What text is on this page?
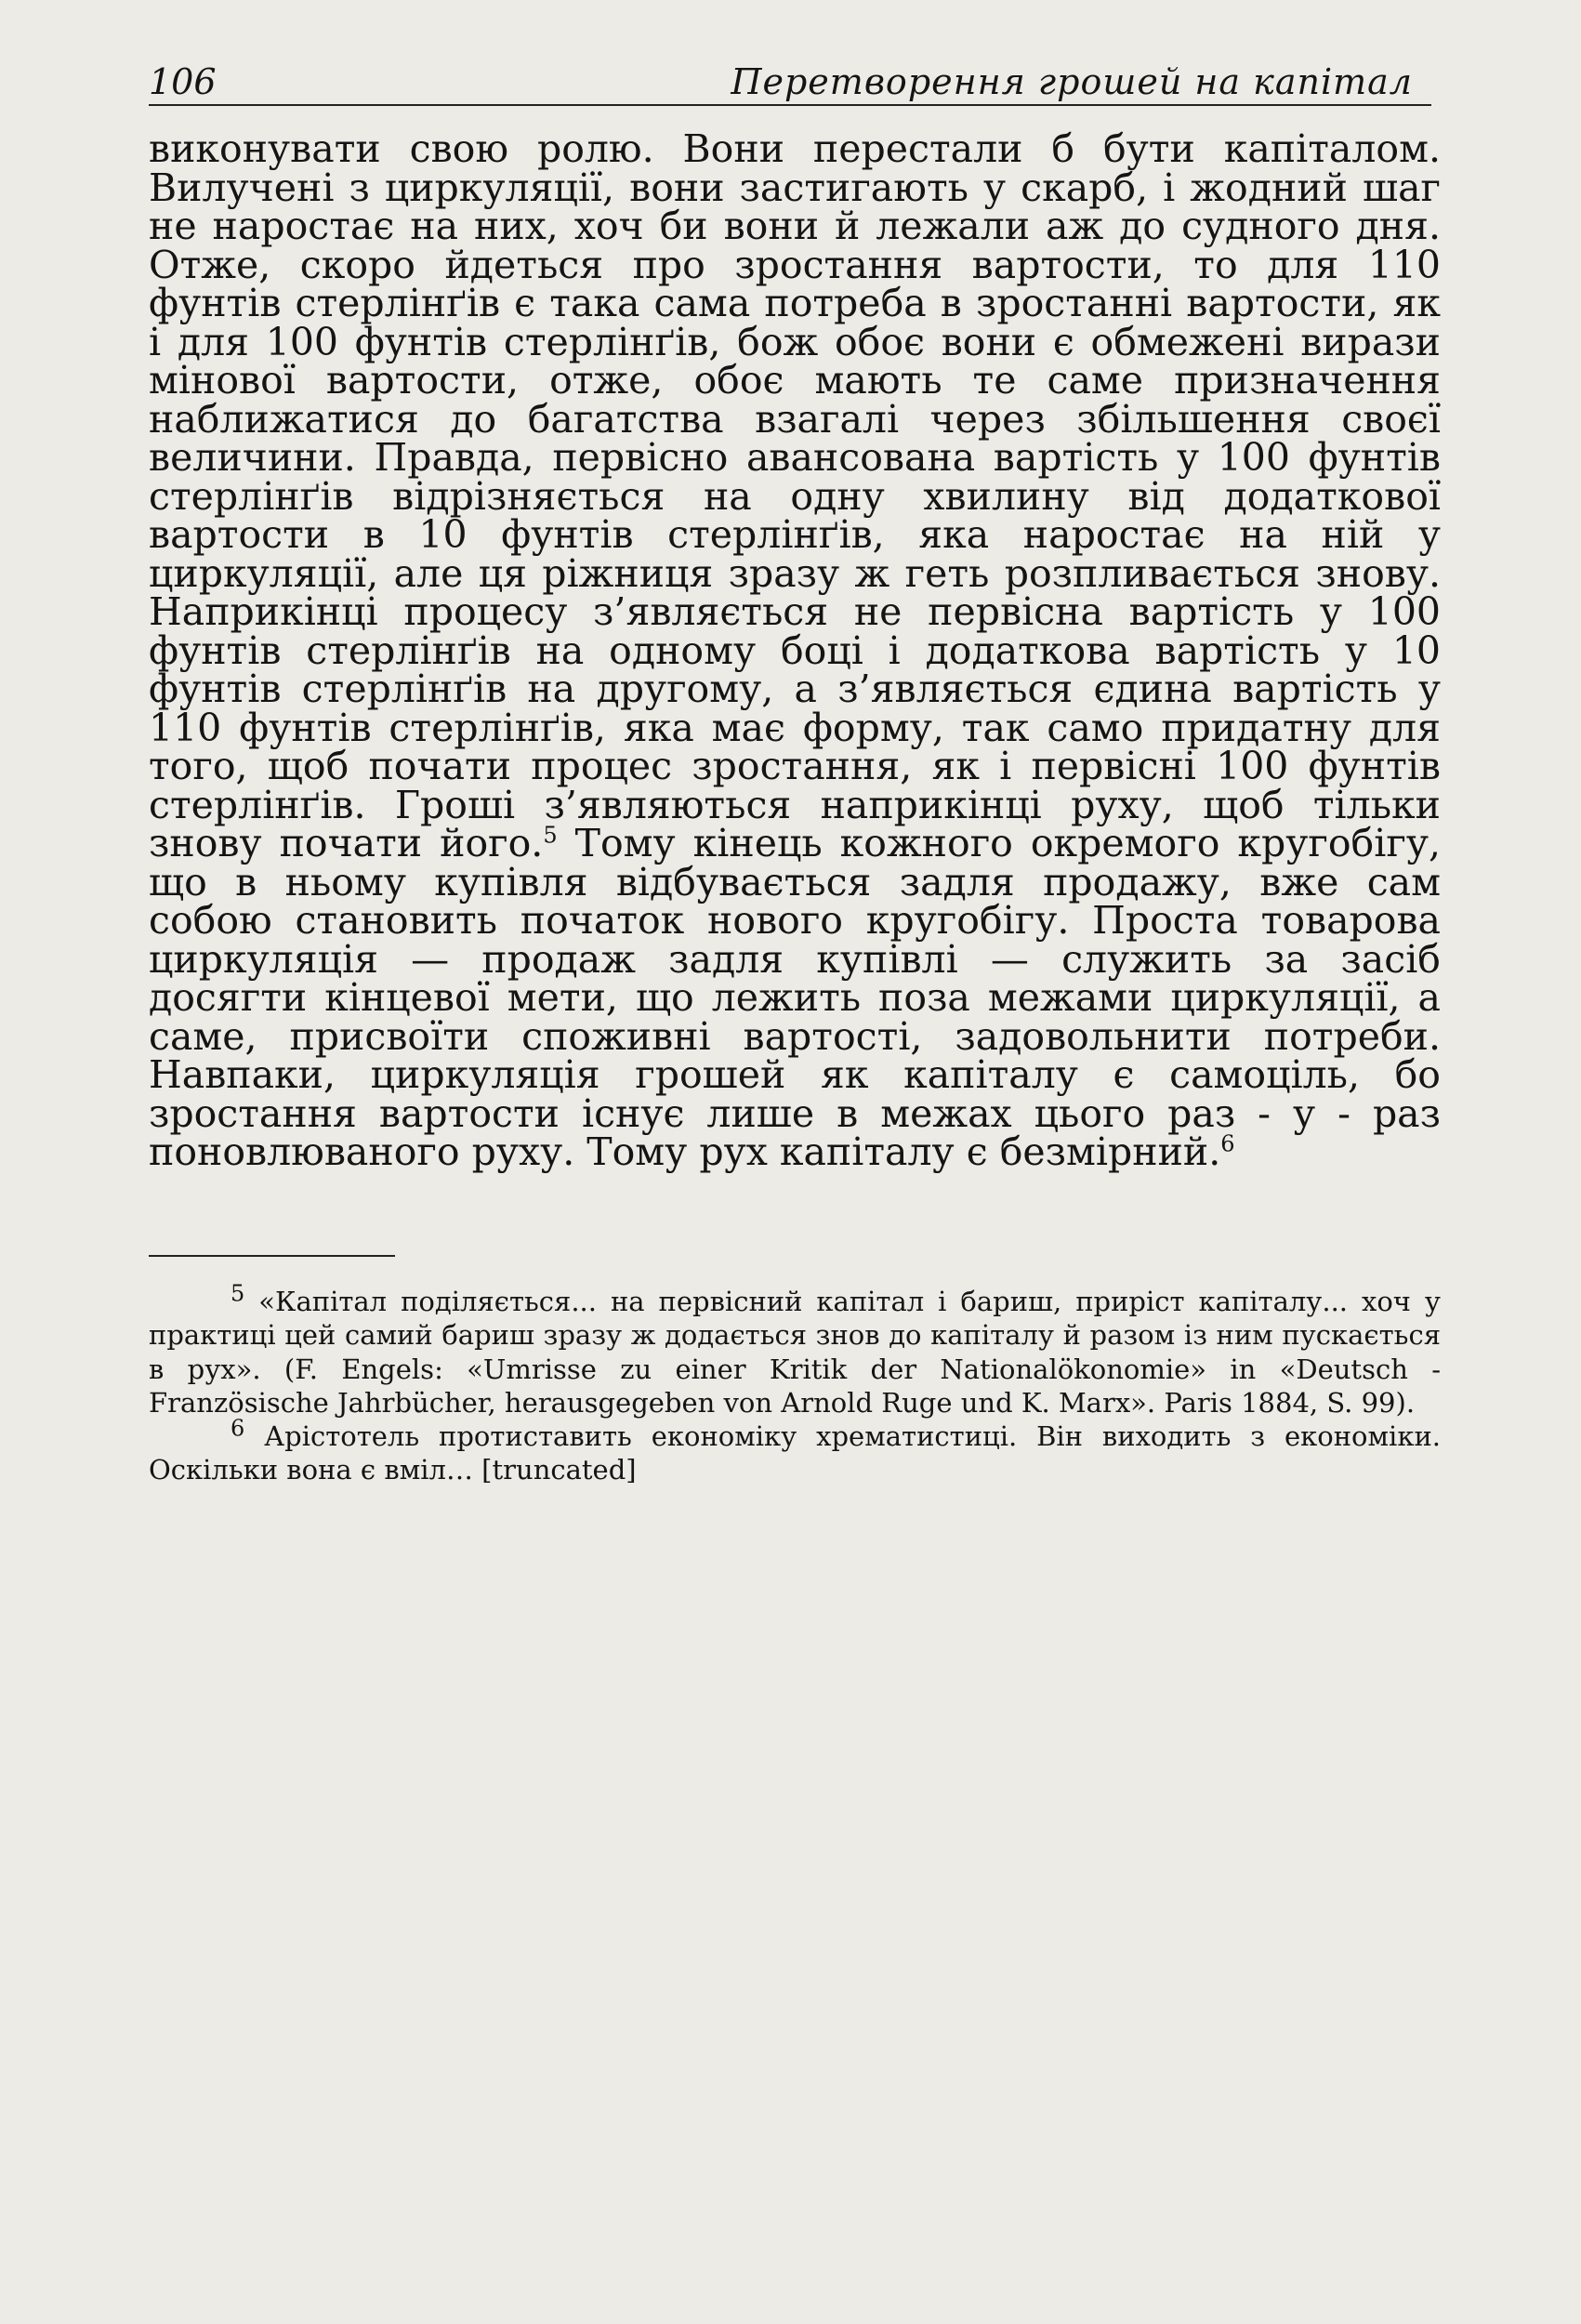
106	Перетворення грошей на капітал

виконувати свою ролю. Вони перестали б бути капіталом. Вилучені з циркуляції, вони застигають у скарб, і жодний шаг не наростає на них, хоч би вони й лежали аж до судного дня. Отже, скоро йдеться про зростання вартости, то для 110 фунтів стерлінґів є така сама потреба в зростанні вартости, як і для 100 фунтів стерлінґів, бож обоє вони є обмежені вирази мінової вартости, отже, обоє мають те саме призначення наближатися до багатства взагалі через збільшення своєї величини. Правда, первісно авансована вартість у 100 фунтів стерлінґів відрізняється на одну хвилину від додаткової вартости в 10 фунтів стерлінґів, яка наростає на ній у циркуляції, але ця ріжниця зразу ж геть розпливається знову. Наприкінці процесу з’являється не первісна вартість у 100 фунтів стерлінґів на одному боці і додаткова вартість у 10 фунтів стерлінґів на другому, а з’являється єдина вартість у 110 фунтів стерлінґів, яка має форму, так само придатну для того, щоб почати процес зростання, як і первісні 100 фунтів стерлінґів. Гроші з’являються наприкінці руху, щоб тільки знову почати його.$^5$ Тому кінець кожного окремого кругобігу, що в ньому купівля відбувається задля продажу, вже сам собою становить початок нового кругобігу. Проста товарова циркуляція — продаж задля купівлі — служить за засіб досягти кінцевої мети, що лежить поза межами циркуляції, а саме, присвоїти споживні вартості, задовольнити потреби. Навпаки, циркуляція грошей як капіталу є самоціль, бо зростання вартости існує лише в межах цього раз - у - раз поновлюваного руху. Тому рух капіталу є безмірний.$^6$

$^5$ «Капітал поділяється... на первісний капітал і бариш, приріст капіталу... хоч у практиці цей самий бариш зразу ж додається знов до капіталу й разом із ним пускається в рух». (F. Engels: «Umrisse zu einer Kritik der Nationalökonomie» in «Deutsch - Französische Jahrbücher, herausgegeben von Arnold Ruge und K. Marx». Paris 1884, S. 99).

$^6$ Арістотель протиставить економіку хрематистиці. Він виходить з економіки. Оскільки вона є вміл… [truncated]
